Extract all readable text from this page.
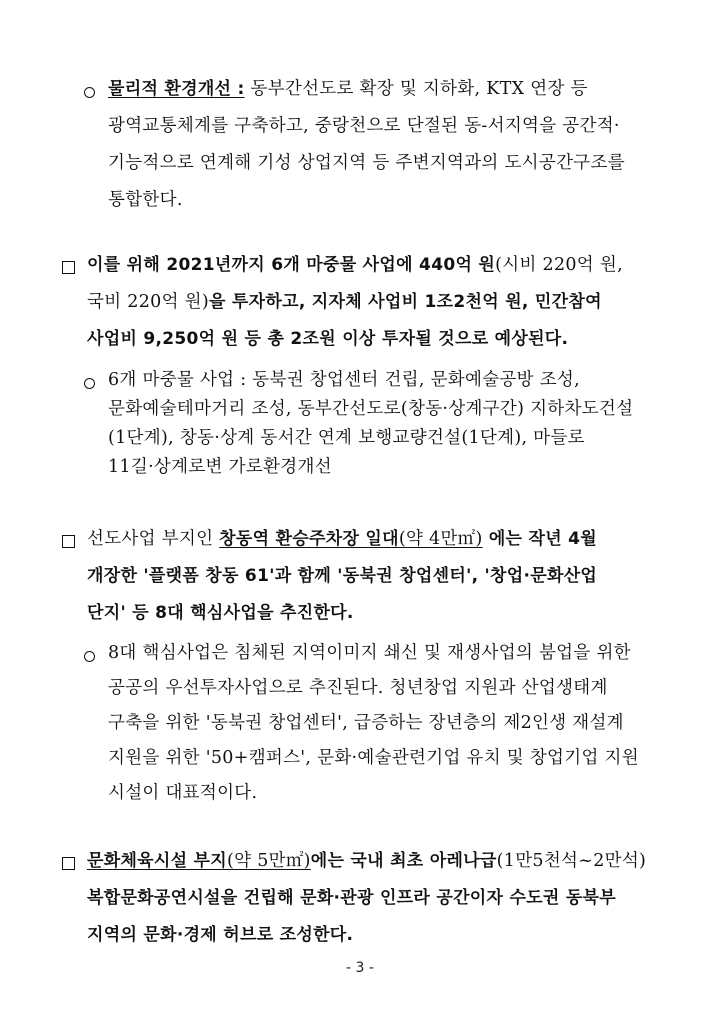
물리적 환경개선 : 동부간선도로 확장 및 지하화, KTX 연장 등
광역교통체계를 구축하고, 중랑천으로 단절된 동-서지역을 공간적·
기능적으로 연계해 기성 상업지역 등 주변지역과의 도시공간구조를
통합한다.
이를 위해 2021년까지 6개 마중물 사업에 440억 원(시비 220억 원,
국비 220억 원)을 투자하고, 지자체 사업비 1조2천억 원, 민간참여
사업비 9,250억 원 등 총 2조원 이상 투자될 것으로 예상된다.
6개 마중물 사업 : 동북권 창업센터 건립, 문화예술공방 조성,
문화예술테마거리 조성, 동부간선도로(창동·상계구간) 지하차도건설
(1단계), 창동·상계 동서간 연계 보행교량건설(1단계), 마들로
11길·상계로변 가로환경개선
선도사업 부지인 창동역 환승주차장 일대(약 4만㎡) 에는 작년 4월
개장한 '플랫폼 창동 61'과 함께 '동북권 창업센터', '창업·문화산업
단지' 등 8대 핵심사업을 추진한다.
8대 핵심사업은 침체된 지역이미지 쇄신 및 재생사업의 붐업을 위한
공공의 우선투자사업으로 추진된다. 청년창업 지원과 산업생태계
구축을 위한 '동북권 창업센터', 급증하는 장년층의 제2인생 재설계
지원을 위한 '50+캠퍼스', 문화·예술관련기업 유치 및 창업기업 지원
시설이 대표적이다.
문화체육시설 부지(약 5만㎡)에는 국내 최초 아레나급(1만5천석~2만석)
복합문화공연시설을 건립해 문화·관광 인프라 공간이자 수도권 동북부
지역의 문화·경제 허브로 조성한다.
- 3 -
